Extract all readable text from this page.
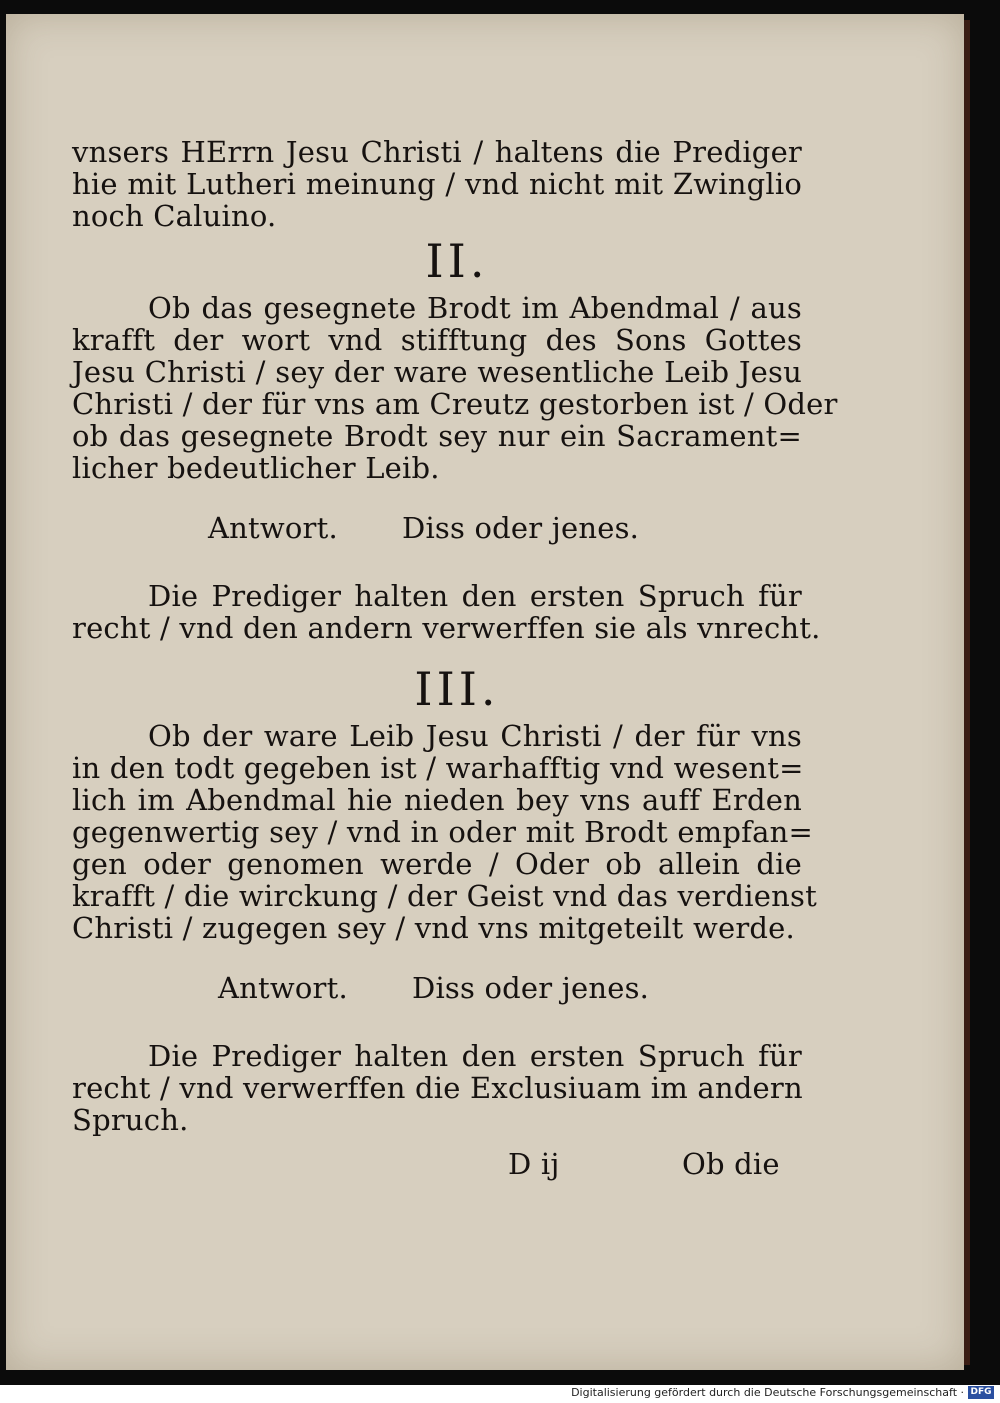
vnsers HErrn Jesu Christi / haltens die Prediger
hie mit Lutheri meinung / vnd nicht mit Zwinglio
noch Caluino.
II.
Ob das gesegnete Brodt im Abendmal / aus
krafft der wort vnd stifftung des Sons Gottes
Jesu Christi / sey der ware wesentliche Leib Jesu
Christi / der für vns am Creutz gestorben ist / Oder
ob das gesegnete Brodt sey nur ein Sacrament=
licher bedeutlicher Leib.
Antwort. Diss oder jenes.
Die Prediger halten den ersten Spruch für
recht / vnd den andern verwerffen sie als vnrecht.
III.
Ob der ware Leib Jesu Christi / der für vns
in den todt gegeben ist / warhafftig vnd wesent=
lich im Abendmal hie nieden bey vns auff Erden
gegenwertig sey / vnd in oder mit Brodt empfan=
gen oder genomen werde / Oder ob allein die
krafft / die wirckung / der Geist vnd das verdienst
Christi / zugegen sey / vnd vns mitgeteilt werde.
Antwort. Diss oder jenes.
Die Prediger halten den ersten Spruch für
recht / vnd verwerffen die Exclusiuam im andern
Spruch.
D ij	Ob die
Digitalisierung gefördert durch die Deutsche Forschungsgemeinschaft · DFG
